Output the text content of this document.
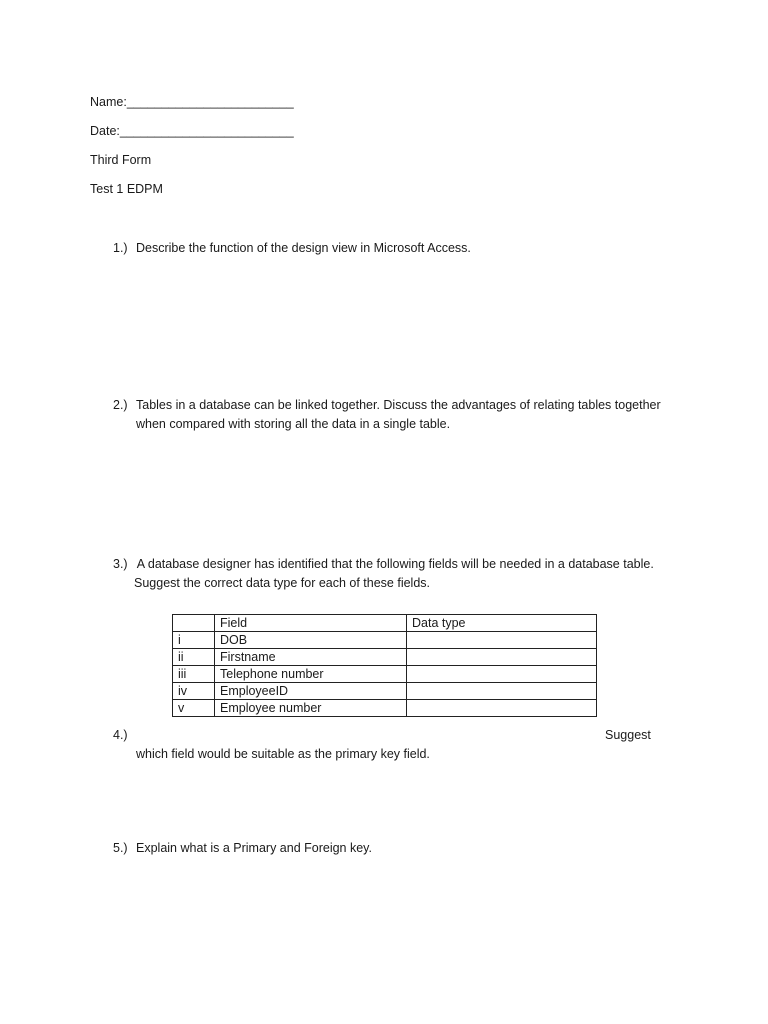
Name:________________________
Date:_________________________
Third Form
Test 1 EDPM
1.) Describe the function of the design view in Microsoft Access.
2.) Tables in a database can be linked together. Discuss the advantages of relating tables together
when compared with storing all the data in a single table.
3.) A database designer has identified that the following fields will be needed in a database table.
Suggest the correct data type for each of these fields.
	Field	Data type
i	DOB	
ii	Firstname	
iii	Telephone number	
iv	EmployeeID	
v	Employee number	
4.)	Suggest
which field would be suitable as the primary key field.
5.) Explain what is a Primary and Foreign key.
